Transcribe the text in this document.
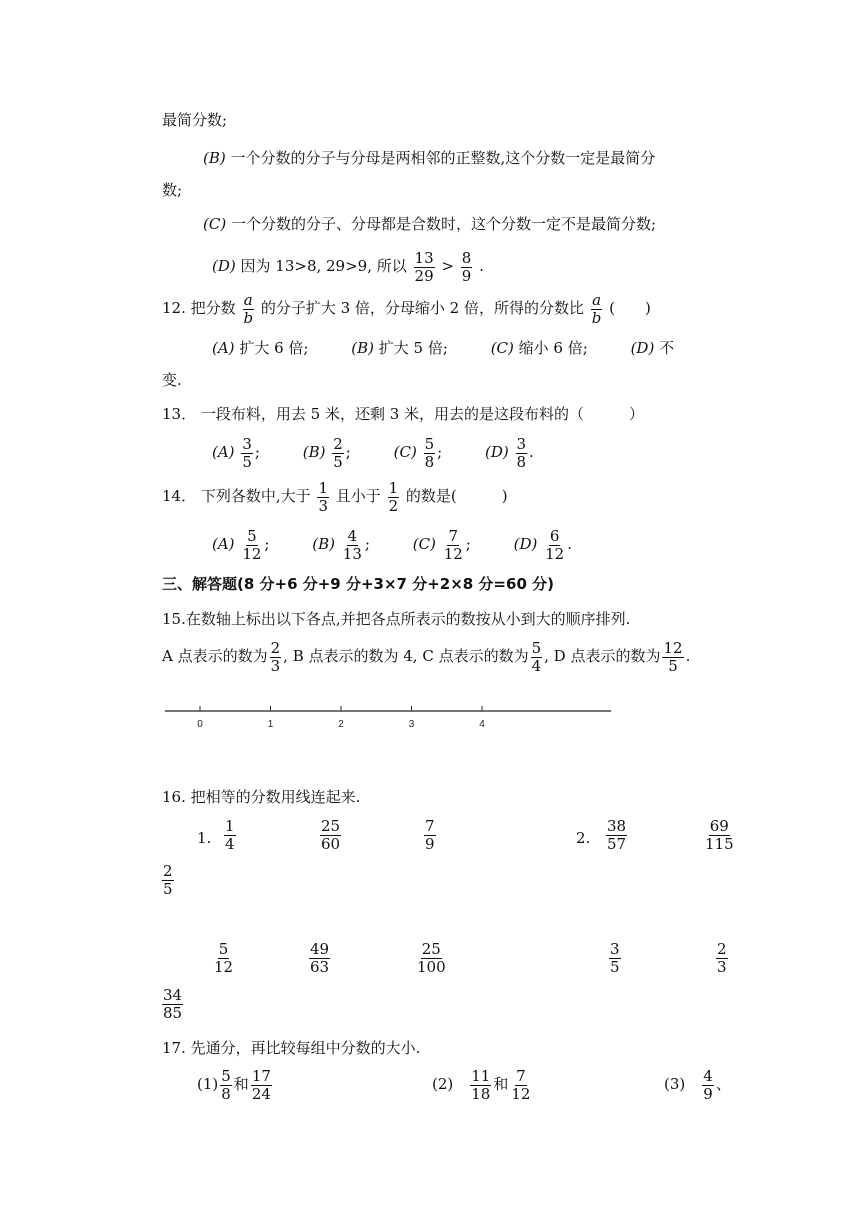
最简分数;
(B) 一个分数的分子与分母是两相邻的正整数,这个分数一定是最简分
数;
(C) 一个分数的分子、分母都是合数时，这个分数一定不是最简分数;
(D) 因为 13>8, 29>9, 所以 $\frac{13}{29} > \frac{8}{9}$ .
12. 把分数 $\frac{a}{b}$ 的分子扩大 3 倍，分母缩小 2 倍，所得的分数比 $\frac{a}{b}$ (　　)
(A) 扩大 6 倍;	(B) 扩大 5 倍;	(C) 缩小 6 倍;	(D) 不
变.
13． 一段布料，用去 5 米，还剩 3 米，用去的是这段布料的（　　　）
$(A) \frac{3}{5}$ ;	$(B) \frac{2}{5}$ ;	$(C) \frac{5}{8}$ ;	$(D) \frac{3}{8}$ .
14． 下列各数中,大于 $\frac{1}{3}$ 且小于 $\frac{1}{2}$ 的数是(　　　)
$(A) \frac{5}{12}$ ;	$(B) \frac{4}{13}$ ;	$(C) \frac{7}{12}$ ;	$(D) \frac{6}{12}$ .
三、解答题(8 分+6 分+9 分+3×7 分+2×8 分=60 分)
15.在数轴上标出以下各点,并把各点所表示的数按从小到大的顺序排列.
A 点表示的数为 $\frac{2}{3}$ , B 点表示的数为 4, C 点表示的数为 $\frac{5}{4}$ , D 点表示的数为 $\frac{12}{5}$ .
0	1	2	3	4
16. 把相等的分数用线连起来.
1.	2.
$\frac{1}{4}$	$\frac{25}{60}$	$\frac{7}{9}$	$\frac{38}{57}$	$\frac{69}{115}$
$\frac{2}{5}$
$\frac{5}{12}$	$\frac{49}{63}$	$\frac{25}{100}$	$\frac{3}{5}$	$\frac{2}{3}$
$\frac{34}{85}$
17. 先通分，再比较每组中分数的大小.
$(1) \frac{5}{8}$ 和 $\frac{17}{24}$	(2)　 $\frac{11}{18}$ 和 $\frac{7}{12}$	(3)　 $\frac{4}{9}$ 、
